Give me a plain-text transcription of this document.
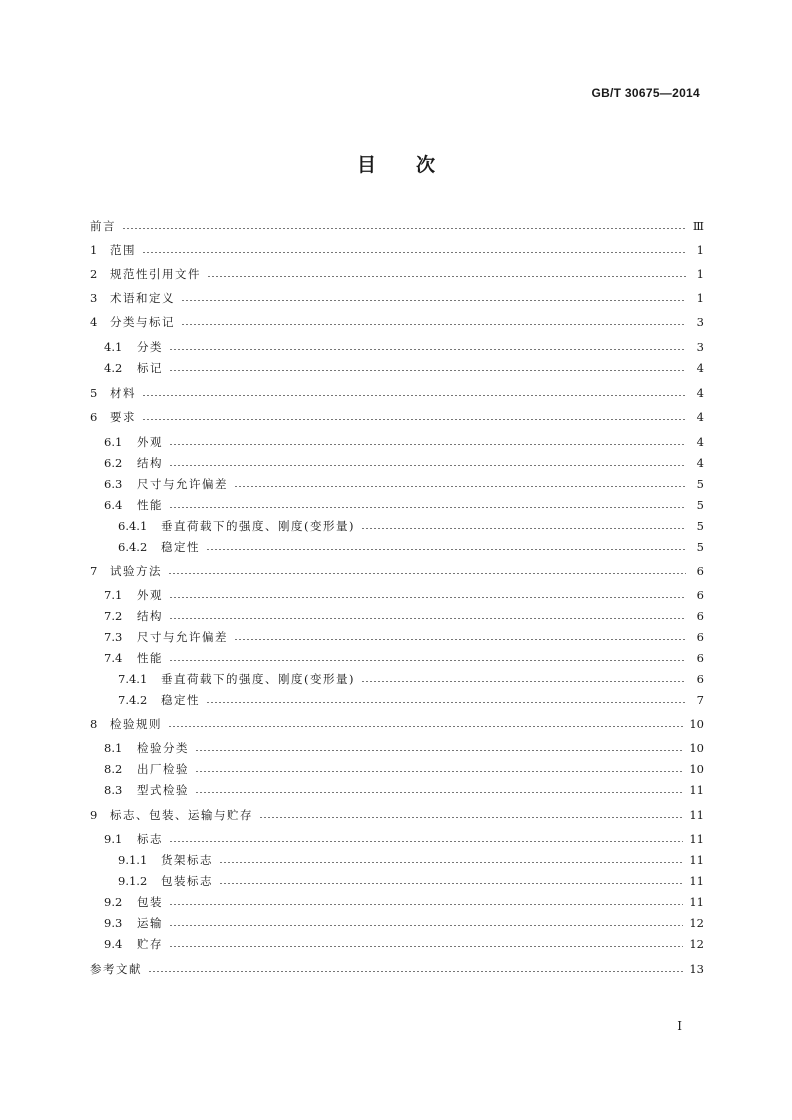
GB/T 30675—2014
目次
前言	Ⅲ
1	范围	1
2	规范性引用文件	1
3	术语和定义	1
4	分类与标记	3
4.1	分类	3
4.2	标记	4
5	材料	4
6	要求	4
6.1	外观	4
6.2	结构	4
6.3	尺寸与允许偏差	5
6.4	性能	5
6.4.1	垂直荷载下的强度、刚度(变形量)	5
6.4.2	稳定性	5
7	试验方法	6
7.1	外观	6
7.2	结构	6
7.3	尺寸与允许偏差	6
7.4	性能	6
7.4.1	垂直荷载下的强度、刚度(变形量)	6
7.4.2	稳定性	7
8	检验规则	10
8.1	检验分类	10
8.2	出厂检验	10
8.3	型式检验	11
9	标志、包装、运输与贮存	11
9.1	标志	11
9.1.1	货架标志	11
9.1.2	包装标志	11
9.2	包装	11
9.3	运输	12
9.4	贮存	12
参考文献	13
I
